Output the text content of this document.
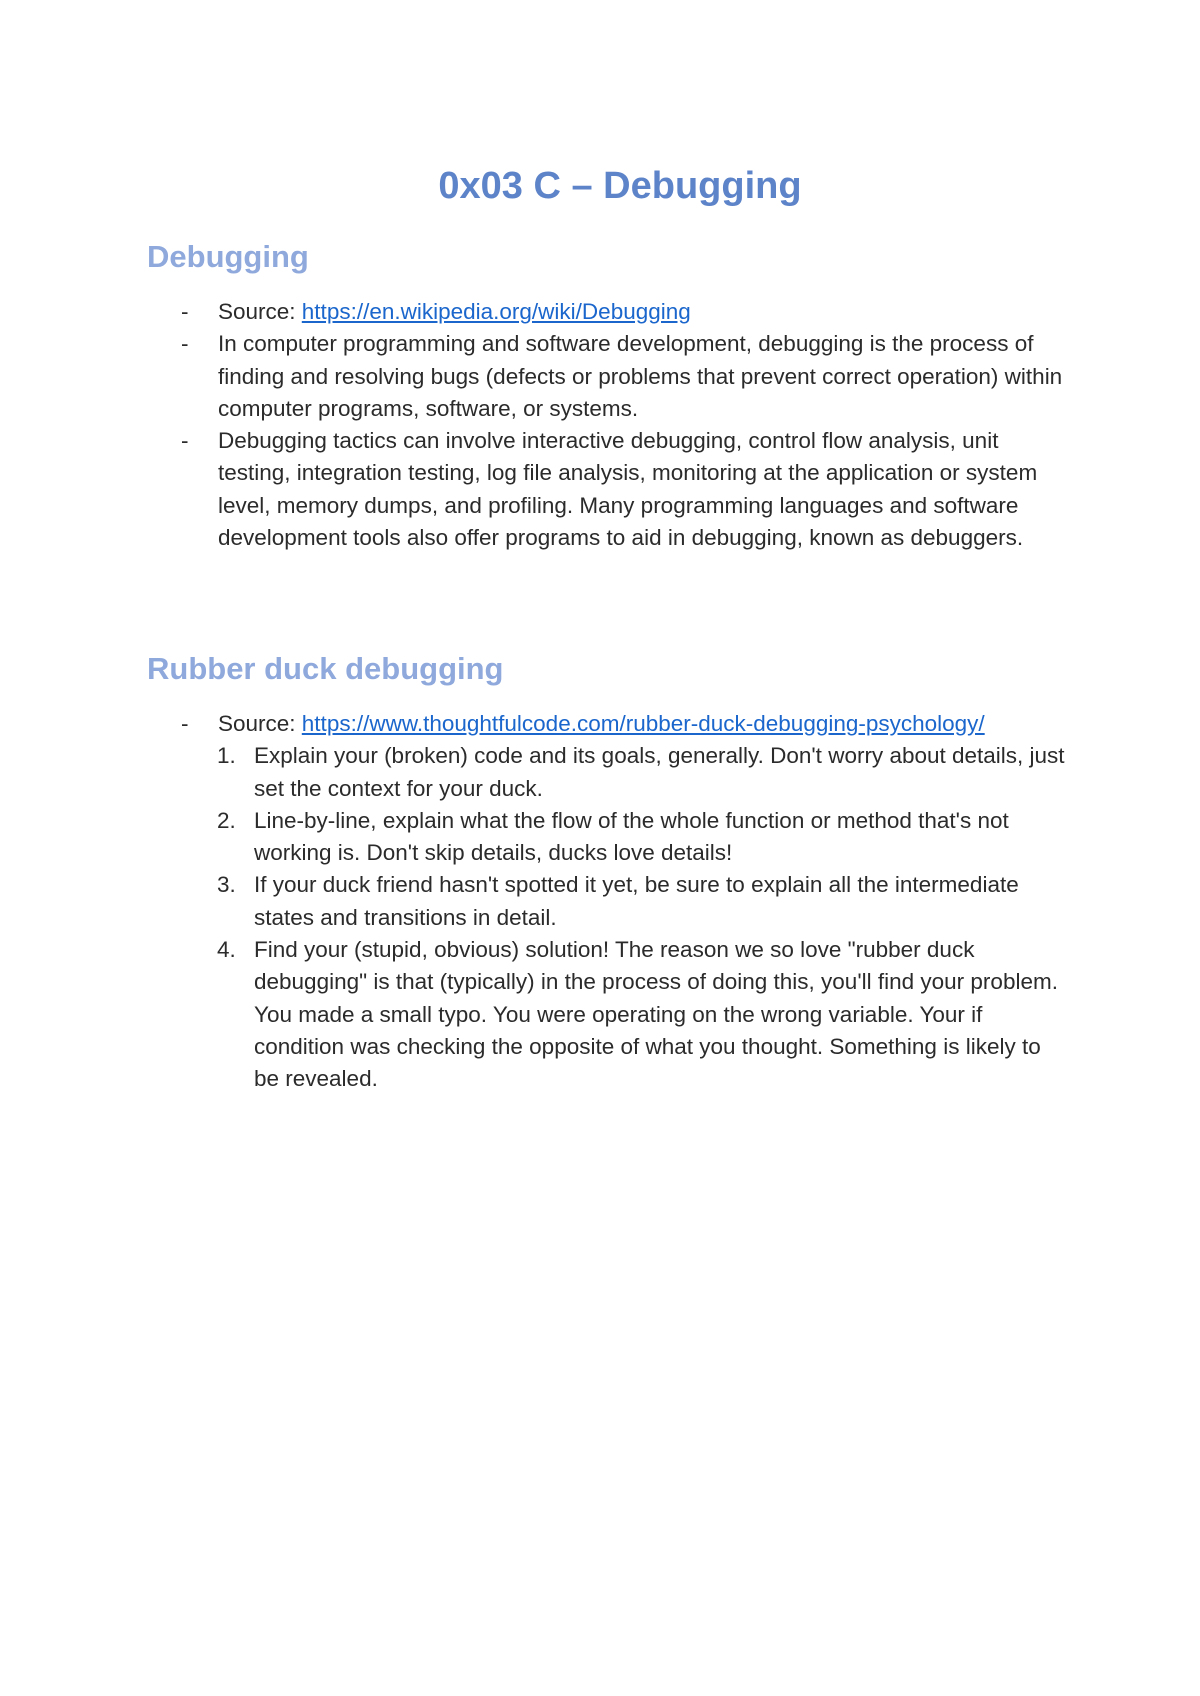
0x03 C – Debugging
Debugging
- Source: https://en.wikipedia.org/wiki/Debugging
- In computer programming and software development, debugging is the process of finding and resolving bugs (defects or problems that prevent correct operation) within computer programs, software, or systems.
- Debugging tactics can involve interactive debugging, control flow analysis, unit testing, integration testing, log file analysis, monitoring at the application or system level, memory dumps, and profiling. Many programming languages and software development tools also offer programs to aid in debugging, known as debuggers.
Rubber duck debugging
- Source: https://www.thoughtfulcode.com/rubber-duck-debugging-psychology/
1. Explain your (broken) code and its goals, generally. Don't worry about details, just set the context for your duck.
2. Line-by-line, explain what the flow of the whole function or method that's not working is. Don't skip details, ducks love details!
3. If your duck friend hasn't spotted it yet, be sure to explain all the intermediate states and transitions in detail.
4. Find your (stupid, obvious) solution! The reason we so love "rubber duck debugging" is that (typically) in the process of doing this, you'll find your problem. You made a small typo. You were operating on the wrong variable. Your if condition was checking the opposite of what you thought. Something is likely to be revealed.
